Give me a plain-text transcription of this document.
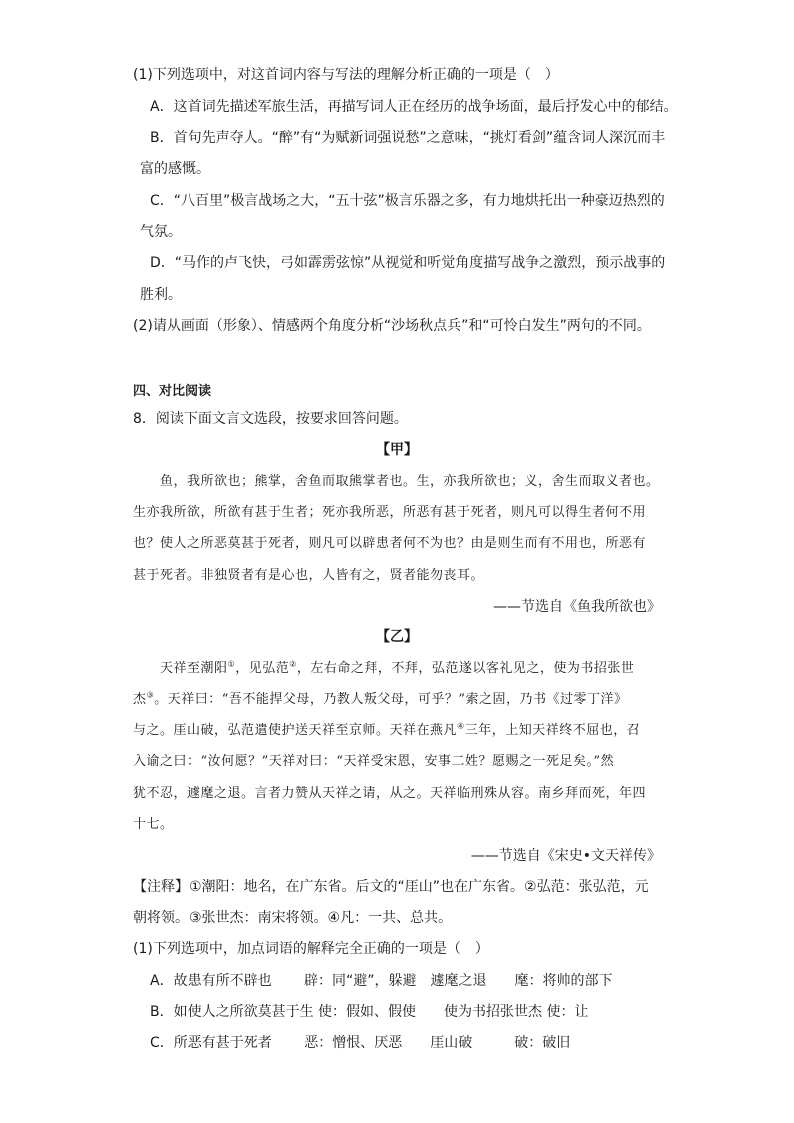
(1)下列选项中，对这首词内容与写法的理解分析正确的一项是（　）
A．这首词先描述军旅生活，再描写词人正在经历的战争场面，最后抒发心中的郁结。
B．首句先声夺人。“醉”有“为赋新词强说愁”之意味，“挑灯看剑”蕴含词人深沉而丰
富的感慨。
C．“八百里”极言战场之大，“五十弦”极言乐器之多，有力地烘托出一种豪迈热烈的
气氛。
D．“马作的卢飞快，弓如霹雳弦惊”从视觉和听觉角度描写战争之激烈，预示战事的
胜利。
(2)请从画面（形象）、情感两个角度分析“沙场秋点兵”和“可怜白发生”两句的不同。
四、对比阅读
8．阅读下面文言文选段，按要求回答问题。
【甲】
鱼，我所欲也；熊掌，舍鱼而取熊掌者也。生，亦我所欲也；义，舍生而取义者也。
生亦我所欲，所欲有甚于生者；死亦我所恶，所恶有甚于死者，则凡可以得生者何不用
也？使人之所恶莫甚于死者，则凡可以辟患者何不为也？由是则生而有不用也，所恶有
甚于死者。非独贤者有是心也，人皆有之，贤者能勿丧耳。
——节选自《鱼我所欲也》
【乙】
天祥至潮阳①，见弘范②，左右命之拜，不拜，弘范遂以客礼见之，使为书招张世
杰③。天祥曰：“吾不能捍父母，乃教人叛父母，可乎？”索之固，乃书《过零丁洋》
与之。厓山破，弘范遣使护送天祥至京师。天祥在燕凡④三年，上知天祥终不屈也，召
入谕之曰：“汝何愿？”天祥对曰：“天祥受宋恩，安事二姓？愿赐之一死足矣。”然
犹不忍，遽麾之退。言者力赞从天祥之请，从之。天祥临刑殊从容。南乡拜而死，年四
十七。
——节选自《宋史•文天祥传》
【注释】①潮阳：地名，在广东省。后文的“厓山”也在广东省。②弘范：张弘范，元
朝将领。③张世杰：南宋将领。④凡：一共、总共。
(1)下列选项中，加点词语的解释完全正确的一项是（　）
A．故患有所不辟也　　 辟：同“避”，躲避　遽麾之退　　麾：将帅的部下
B．如使人之所欲莫甚于生 使：假如、假使　　使为书招张世杰 使：让
C．所恶有甚于死者　　 恶：憎恨、厌恶　　厓山破　　　破：破旧
